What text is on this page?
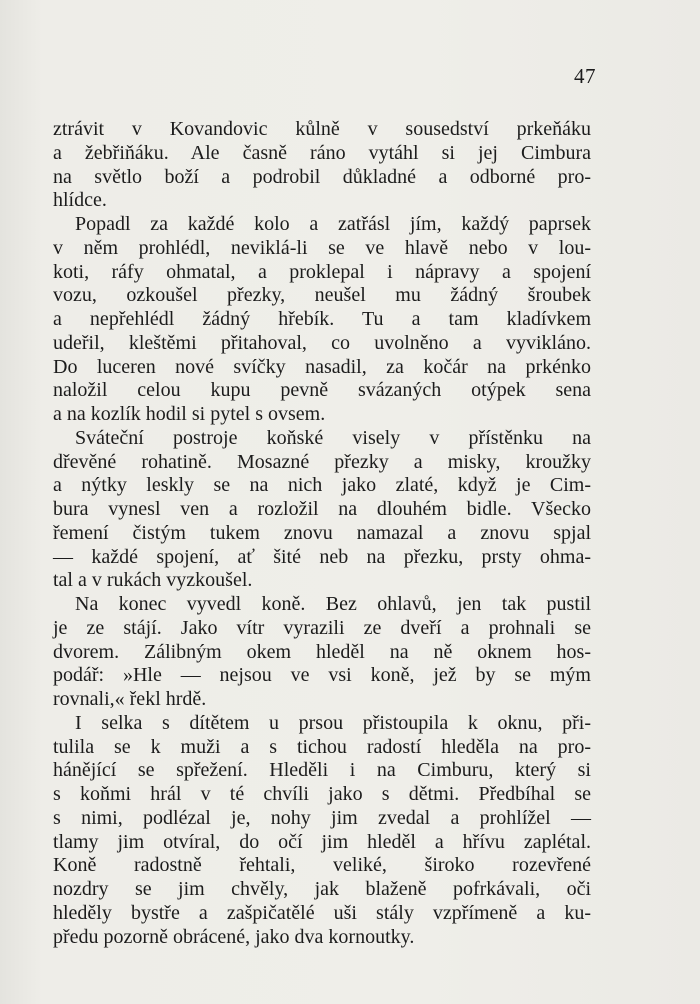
47
ztrávit v Kovandovic kůlně v sousedství prkeňáku
a žebřiňáku. Ale časně ráno vytáhl si jej Cimbura
na světlo boží a podrobil důkladné a odborné pro-
hlídce.
Popadl za každé kolo a zatřásl jím, každý paprsek
v něm prohlédl, neviklá-li se ve hlavě nebo v lou-
koti, ráfy ohmatal, a proklepal i nápravy a spojení
vozu, ozkoušel přezky, neušel mu žádný šroubek
a nepřehlédl žádný hřebík. Tu a tam kladívkem
udeřil, kleštěmi přitahoval, co uvolněno a vyvikláno.
Do luceren nové svíčky nasadil, za kočár na prkénko
naložil celou kupu pevně svázaných otýpek sena
a na kozlík hodil si pytel s ovsem.
Sváteční postroje koňské visely v přístěnku na
dřevěné rohatině. Mosazné přezky a misky, kroužky
a nýtky leskly se na nich jako zlaté, když je Cim-
bura vynesl ven a rozložil na dlouhém bidle. Všecko
řemení čistým tukem znovu namazal a znovu spjal
— každé spojení, ať šité neb na přezku, prsty ohma-
tal a v rukách vyzkoušel.
Na konec vyvedl koně. Bez ohlavů, jen tak pustil
je ze stájí. Jako vítr vyrazili ze dveří a prohnali se
dvorem. Zálibným okem hleděl na ně oknem hos-
podář: »Hle — nejsou ve vsi koně, jež by se mým
rovnali,« řekl hrdě.
I selka s dítětem u prsou přistoupila k oknu, při-
tulila se k muži a s tichou radostí hleděla na pro-
hánějící se spřežení. Hleděli i na Cimburu, který si
s koňmi hrál v té chvíli jako s dětmi. Předbíhal se
s nimi, podlézal je, nohy jim zvedal a prohlížel —
tlamy jim otvíral, do očí jim hleděl a hřívu zaplétal.
Koně radostně řehtali, veliké, široko rozevřené
nozdry se jim chvěly, jak blaženě pofrkávali, oči
hleděly bystře a zašpičatělé uši stály vzpřímeně a ku-
předu pozorně obrácené, jako dva kornoutky.
